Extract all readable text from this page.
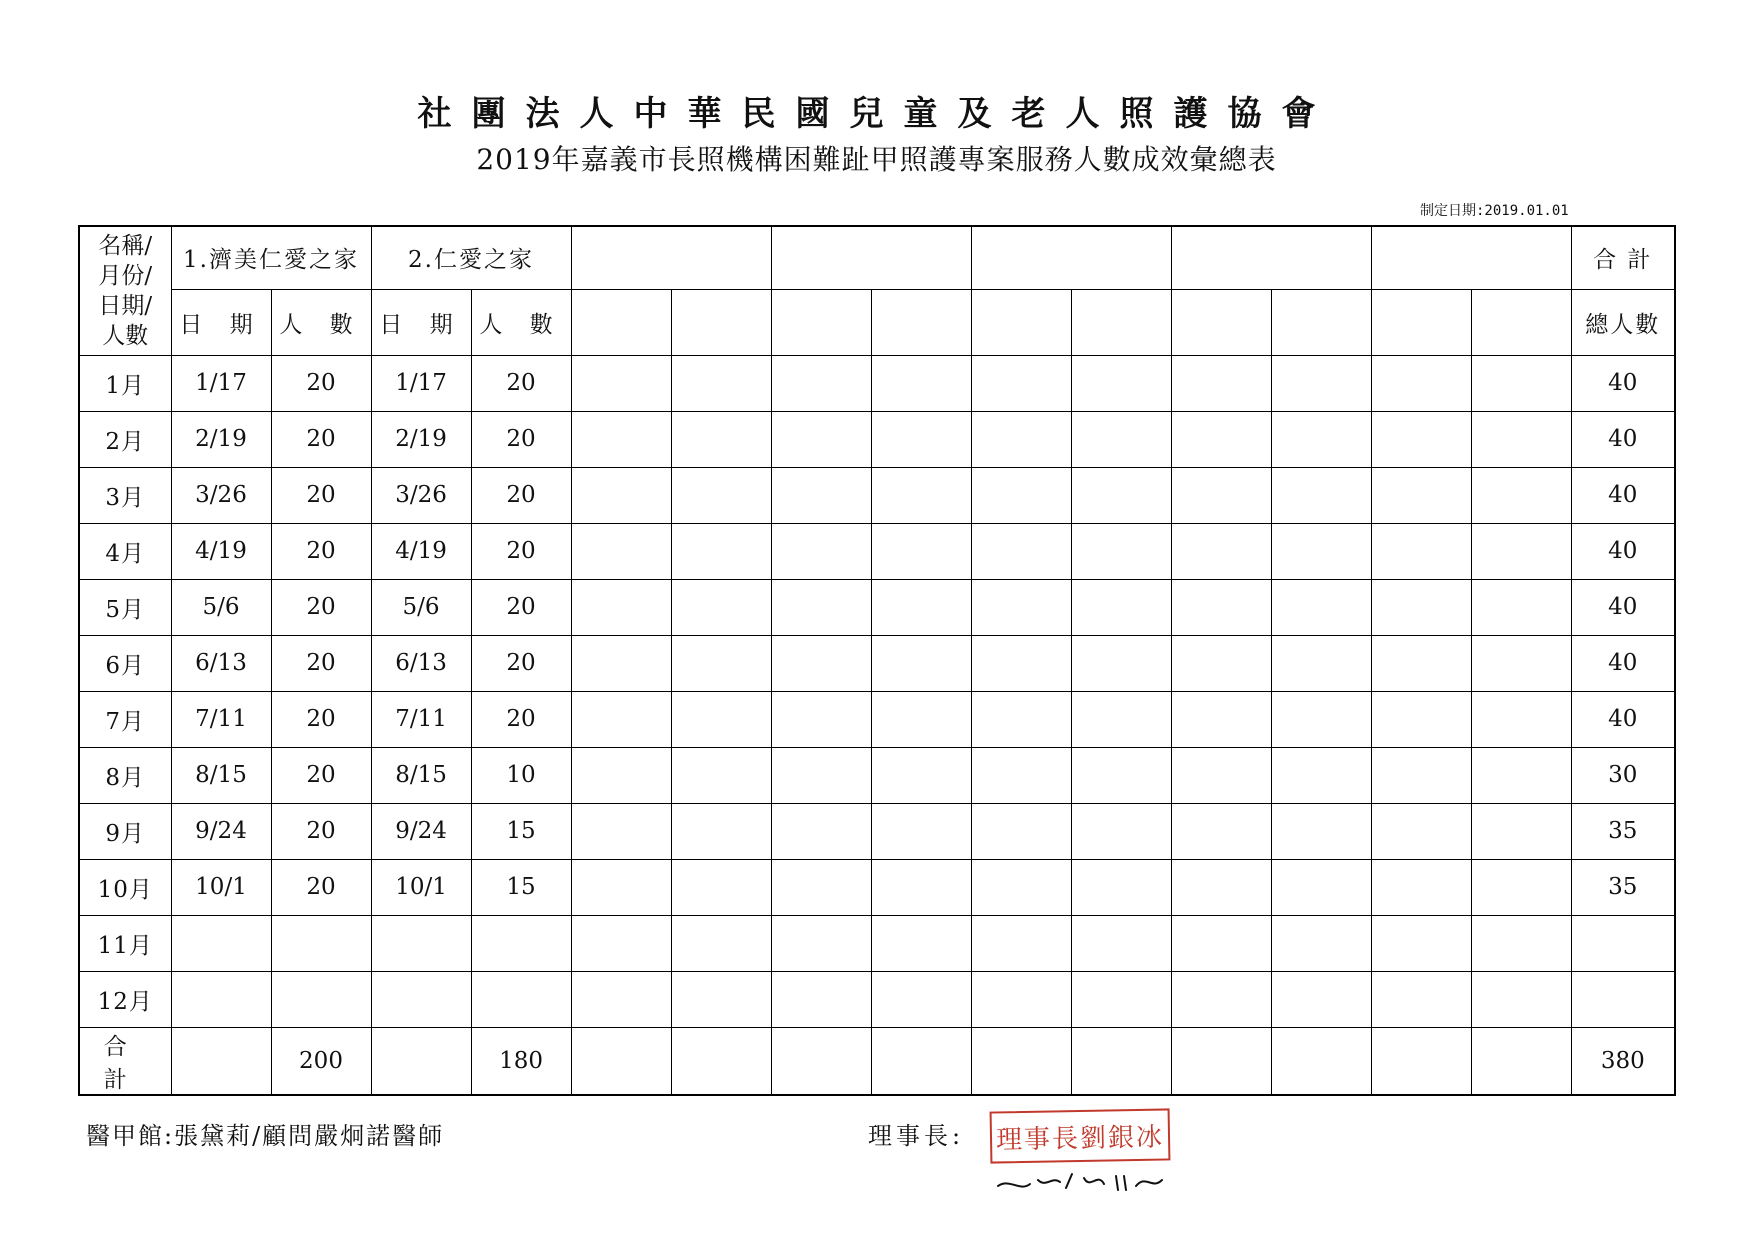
社團法人中華民國兒童及老人照護協會
2019年嘉義市長照機構困難趾甲照護專案服務人數成效彙總表
制定日期:2019.01.01
名稱/
月份/
日期/
人數	1.濟美仁愛之家		2.仁愛之家												合 計
	日 期	人 數	日 期	人 數											總人數
1月	1/17	20	1/17	20											40
2月	2/19	20	2/19	20											40
3月	3/26	20	3/26	20											40
4月	4/19	20	4/19	20											40
5月	5/6	20	5/6	20											40
6月	6/13	20	6/13	20											40
7月	7/11	20	7/11	20											40
8月	8/15	20	8/15	10											30
9月	9/24	20	9/24	15											35
10月	10/1	20	10/1	15											35
11月															
12月															
合 計		200		180											380
醫甲館:張黛莉/顧問嚴炯諾醫師	理事長: 理事長劉銀冰
